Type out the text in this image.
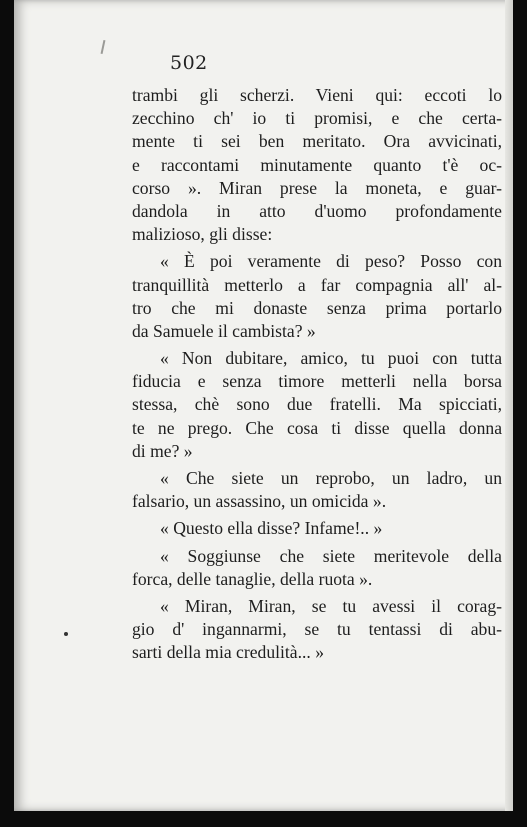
502
trambi gli scherzi. Vieni qui: eccoti lo
zecchino ch' io ti promisi, e che certa-
mente ti sei ben meritato. Ora avvicinati,
e raccontami minutamente quanto t'è oc-
corso ». Miran prese la moneta, e guar-
dandola in atto d'uomo profondamente
malizioso, gli disse:
« È poi veramente di peso? Posso con
tranquillità metterlo a far compagnia all' al-
tro che mi donaste senza prima portarlo
da Samuele il cambista? »
« Non dubitare, amico, tu puoi con tutta
fiducia e senza timore metterli nella borsa
stessa, chè sono due fratelli. Ma spicciati,
te ne prego. Che cosa ti disse quella donna
di me? »
« Che siete un reprobo, un ladro, un
falsario, un assassino, un omicida ».
« Questo ella disse? Infame!.. »
« Soggiunse che siete meritevole della
forca, delle tanaglie, della ruota ».
« Miran, Miran, se tu avessi il corag-
gio d' ingannarmi, se tu tentassi di abu-
sarti della mia credulità... »
